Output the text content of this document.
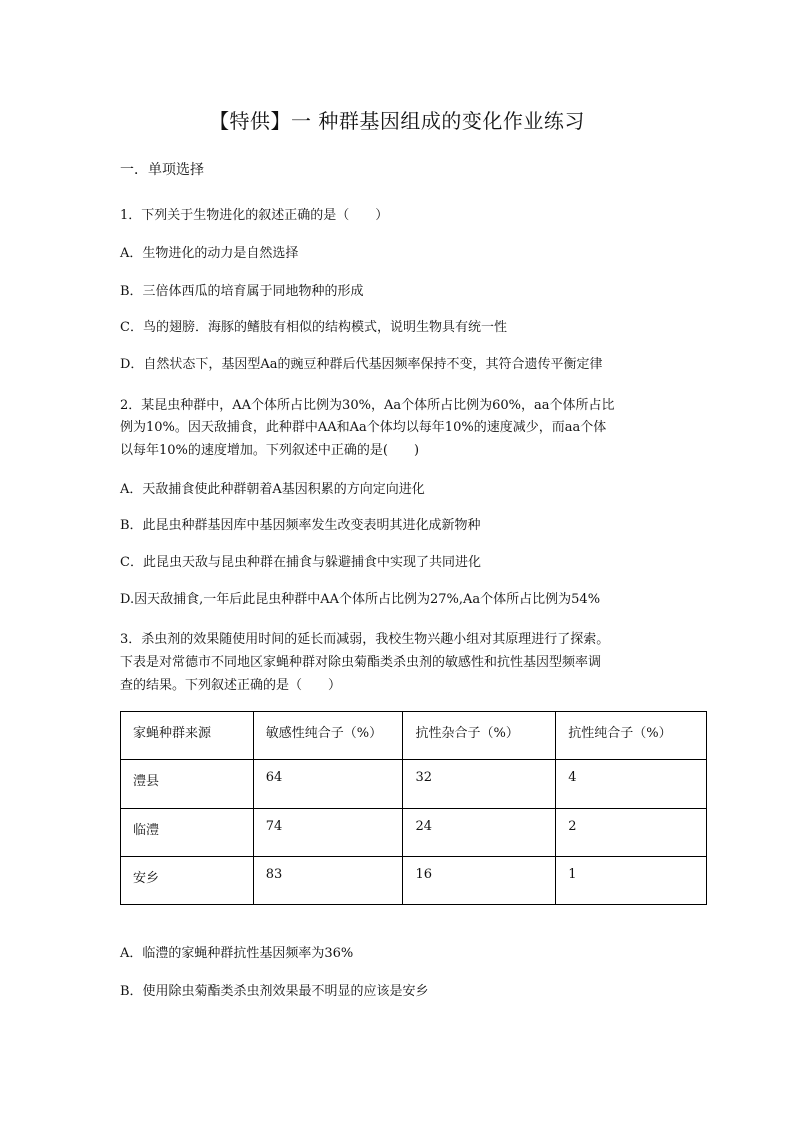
【特供】一 种群基因组成的变化作业练习
一．单项选择
1．下列关于生物进化的叙述正确的是（　　）
A．生物进化的动力是自然选择
B．三倍体西瓜的培育属于同地物种的形成
C．鸟的翅膀．海豚的鳍肢有相似的结构模式，说明生物具有统一性
D．自然状态下，基因型Aa的豌豆种群后代基因频率保持不变，其符合遗传平衡定律
2．某昆虫种群中，AA个体所占比例为30%，Aa个体所占比例为60%，aa个体所占比
例为10%。因天敌捕食，此种群中AA和Aa个体均以每年10%的速度减少，而aa个体
以每年10%的速度增加。下列叙述中正确的是(　　)
A．天敌捕食使此种群朝着A基因积累的方向定向进化
B．此昆虫种群基因库中基因频率发生改变表明其进化成新物种
C．此昆虫天敌与昆虫种群在捕食与躲避捕食中实现了共同进化
D.因天敌捕食,一年后此昆虫种群中AA个体所占比例为27%,Aa个体所占比例为54%
3．杀虫剂的效果随使用时间的延长而减弱，我校生物兴趣小组对其原理进行了探索。
下表是对常德市不同地区家蝇种群对除虫菊酯类杀虫剂的敏感性和抗性基因型频率调
查的结果。下列叙述正确的是（　　）
家蝇种群来源	敏感性纯合子（%）	抗性杂合子（%）	抗性纯合子（%）
澧县	64	32	4
临澧	74	24	2
安乡	83	16	1
A．临澧的家蝇种群抗性基因频率为36%
B．使用除虫菊酯类杀虫剂效果最不明显的应该是安乡
